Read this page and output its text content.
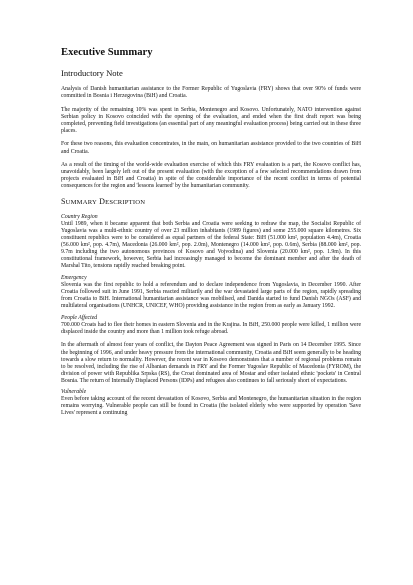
Executive Summary
Introductory Note

Analysis of Danish humanitarian assistance to the Former Republic of Yugoslavia (FRY) shows that over 90% of funds were committed in Bosnia i Herzegovina (BiH) and Croatia.

The majority of the remaining 10% was spent in Serbia, Montenegro and Kosovo. Unfortunately, NATO intervention against Serbian policy in Kosovo coincided with the opening of the evaluation, and ended when the first draft report was being completed, preventing field investigations (an essential part of any meaningful evaluation process) being carried out in these three places.

For these two reasons, this evaluation concentrates, in the main, on humanitarian assistance provided to the two countries of BiH and Croatia.

As a result of the timing of the world-wide evaluation exercise of which this FRY evaluation is a part, the Kosovo conflict has, unavoidably, been largely left out of the present evaluation (with the exception of a few selected recommendations drawn from projects evaluated in BiH and Croatia) in spite of the considerable importance of the recent conflict in terms of potential consequences for the region and 'lessons learned' by the humanitarian community.

SUMMARY DESCRIPTION
Country Region

Until 1989, when it became apparent that both Serbia and Croatia were seeking to redraw the map, the Socialist Republic of Yugoslavia was a multi-ethnic country of over 23 million inhabitants (1989 figures) and some 255.000 square kilometres. Six constituent republics were to be considered as equal partners of the federal State: BiH (51.000 km², population 4.4m), Croatia (56.000 km², pop. 4.7m), Macedonia (26.000 km², pop. 2.0m), Montenegro (14.000 km², pop. 0.6m), Serbia (88.000 km², pop. 9.7m including the two autonomous provinces of Kosovo and Vojvodina) and Slovenia (20.000 km², pop. 1.9m). In this constitutional framework, however, Serbia had increasingly managed to become the dominant member and after the death of Marshal Tito, tensions rapidly reached breaking point.

Emergency

Slovenia was the first republic to hold a referendum and to declare independence from Yugoslavia, in December 1990. After Croatia followed suit in June 1991, Serbia reacted militarily and the war devastated large parts of the region, rapidly spreading from Croatia to BiH. International humanitarian assistance was mobilised, and Danida started to fund Danish NGOs (ASF) and multilateral organisations (UNHCR, UNICEF, WHO) providing assistance in the region from as early as January 1992.

People Affected

700.000 Croats had to flee their homes in eastern Slovenia and in the Krajina. In BiH, 250.000 people were killed, 1 million were displaced inside the country and more than 1 million took refuge abroad.

In the aftermath of almost four years of conflict, the Dayton Peace Agreement was signed in Paris on 14 December 1995. Since the beginning of 1996, and under heavy pressure from the international community, Croatia and BiH seem generally to be heading towards a slow return to normality. However, the recent war in Kosovo demonstrates that a number of regional problems remain to be resolved, including the rise of Albanian demands in FRY and the Former Yugoslav Republic of Macedonia (FYROM), the division of power with Republika Srpska (RS), the Croat dominated area of Mostar and other isolated ethnic 'pockets' in Central Bosnia. The return of Internally Displaced Persons (IDPs) and refugees also continues to fall seriously short of expectations.

Vulnerable

Even before taking account of the recent devastation of Kosovo, Serbia and Montenegro, the humanitarian situation in the region remains worrying. Vulnerable people can still be found in Croatia (the isolated elderly who were supported by operation 'Save Lives' represent a continuing
